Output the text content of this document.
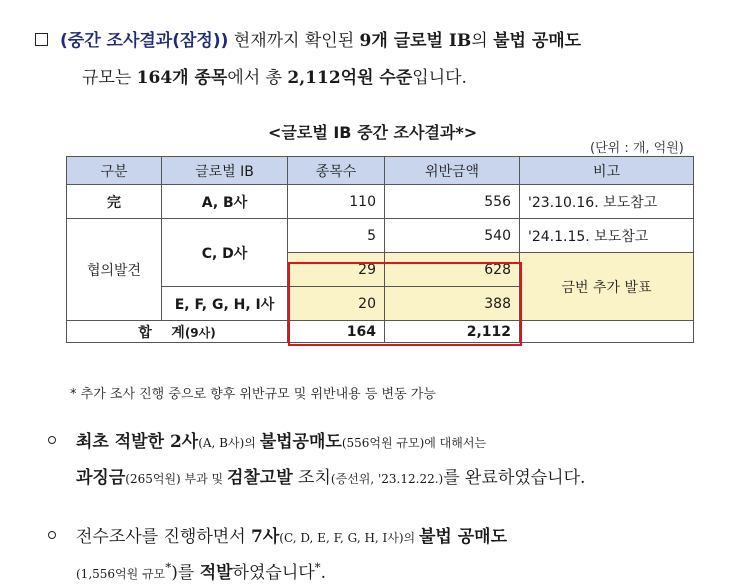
(중간 조사결과(잠정)) 현재까지 확인된 9개 글로벌 IB의 불법 공매도
규모는 164개 종목에서 총 2,112억원 수준입니다.
<글로벌 IB 중간 조사결과*>
(단위 : 개, 억원)
구분	글로벌 IB	종목수	위반금액	비고
完	A, B사	110	556	'23.10.16. 보도참고
협의발견	C, D사	5	540	'24.1.15. 보도참고
		29	628	금번 추가 발표
	E, F, G, H, I사	20	388	
합 계(9사)		164	2,112	
* 추가 조사 진행 중으로 향후 위반규모 및 위반내용 등 변동 가능
최초 적발한 2사(A, B사)의 불법공매도(556억원 규모)에 대해서는
과징금(265억원) 부과 및 검찰고발 조치(증선위, '23.12.22.)를 완료하였습니다.
전수조사를 진행하면서 7사(C, D, E, F, G, H, I사)의 불법 공매도
(1,556억원 규모*)를 적발하였습니다*.
